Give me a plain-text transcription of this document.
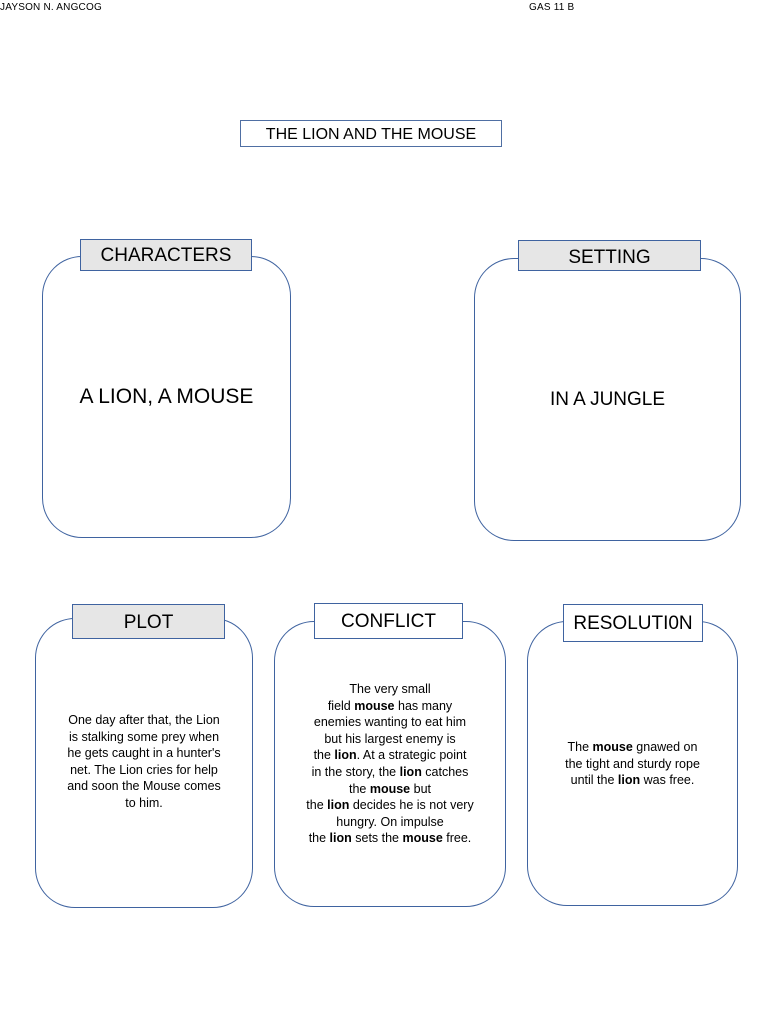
JAYSON N. ANGCOG	GAS 11 B
THE LION AND THE MOUSE
CHARACTERS
A LION, A MOUSE
SETTING
IN A JUNGLE
PLOT
One day after that, the Lion
is stalking some prey when
he gets caught in a hunter's
net. The Lion cries for help
and soon the Mouse comes
to him.
CONFLICT
The very small
field mouse has many
enemies wanting to eat him
but his largest enemy is
the lion. At a strategic point
in the story, the lion catches
the mouse but
the lion decides he is not very
hungry. On impulse
the lion sets the mouse free.
RESOLUTI0N
The mouse gnawed on
the tight and sturdy rope
until the lion was free.
